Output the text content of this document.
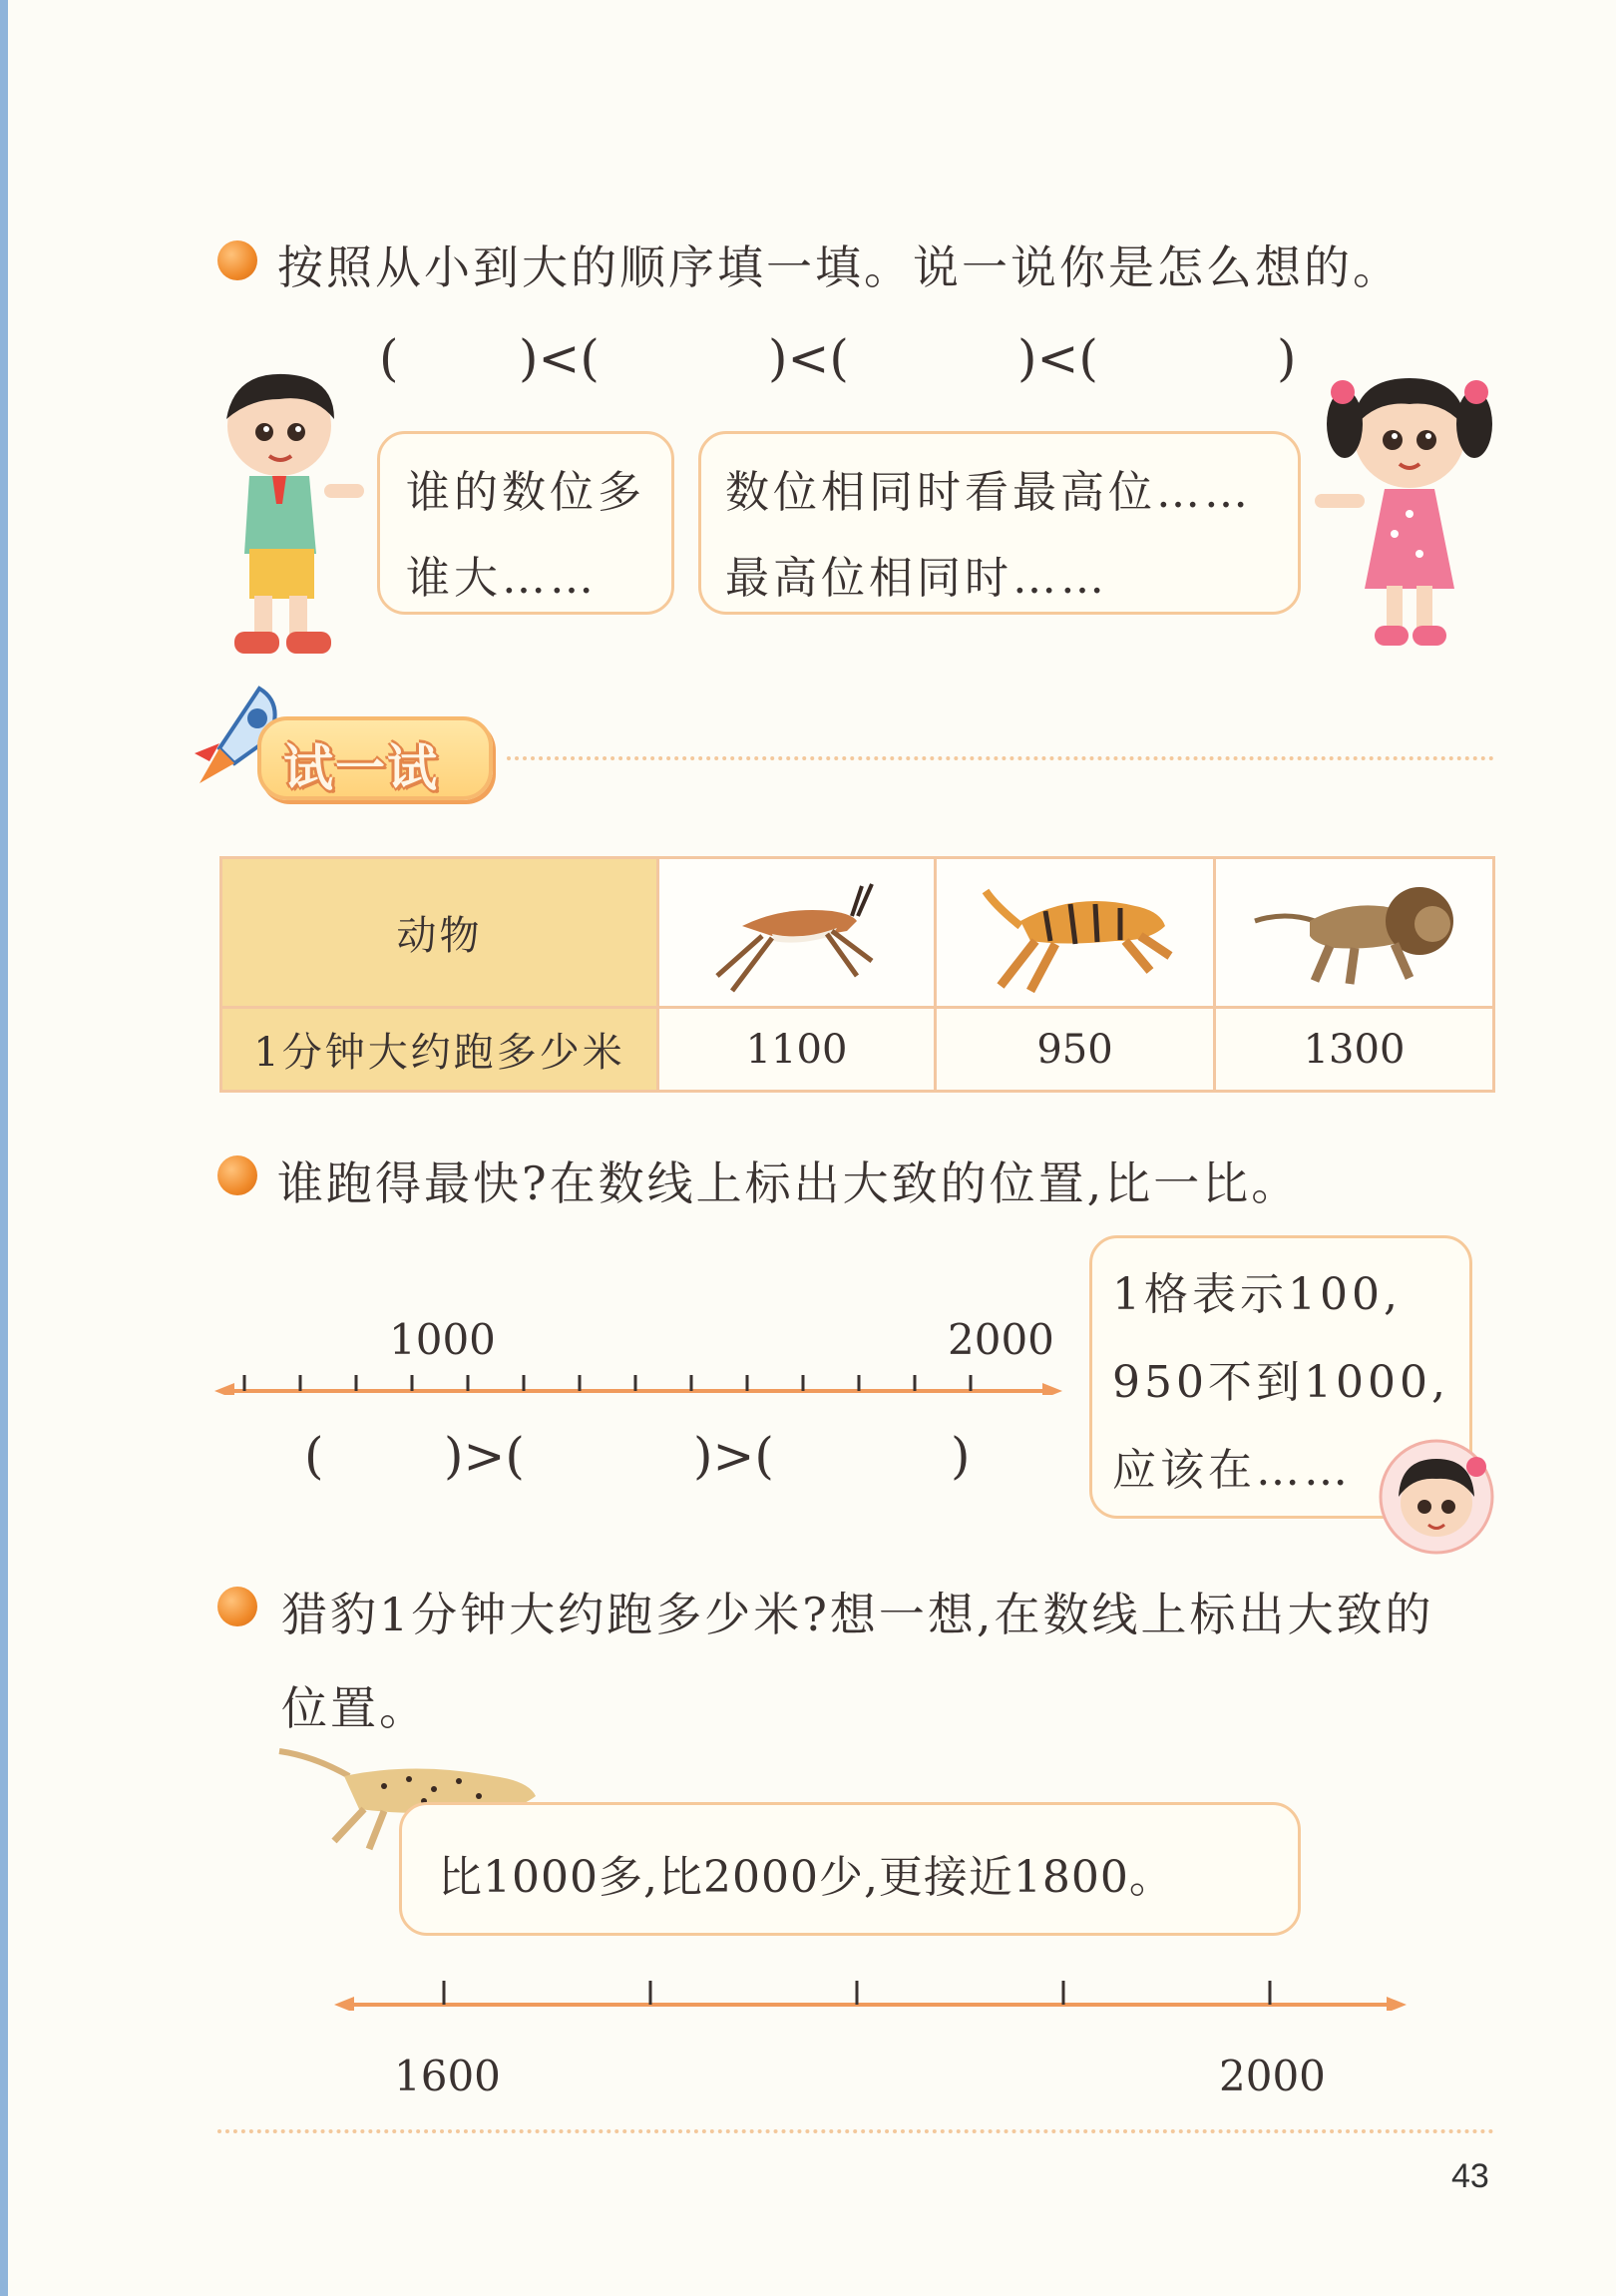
按照从小到大的顺序填一填。说一说你是怎么想的。
( )<(	)<(	)<(	)
谁的数位多
谁大……
数位相同时看最高位……
最高位相同时……
试一试
动物			
1分钟大约跑多少米	1100	950	1300
谁跑得最快?在数线上标出大致的位置,比一比。
1000	2000
( )>(	)>(	)
1格表示100,
950不到1000,
应该在……
猎豹1分钟大约跑多少米?想一想,在数线上标出大致的
位置。
比1000多,比2000少,更接近1800。
1600	2000
43
